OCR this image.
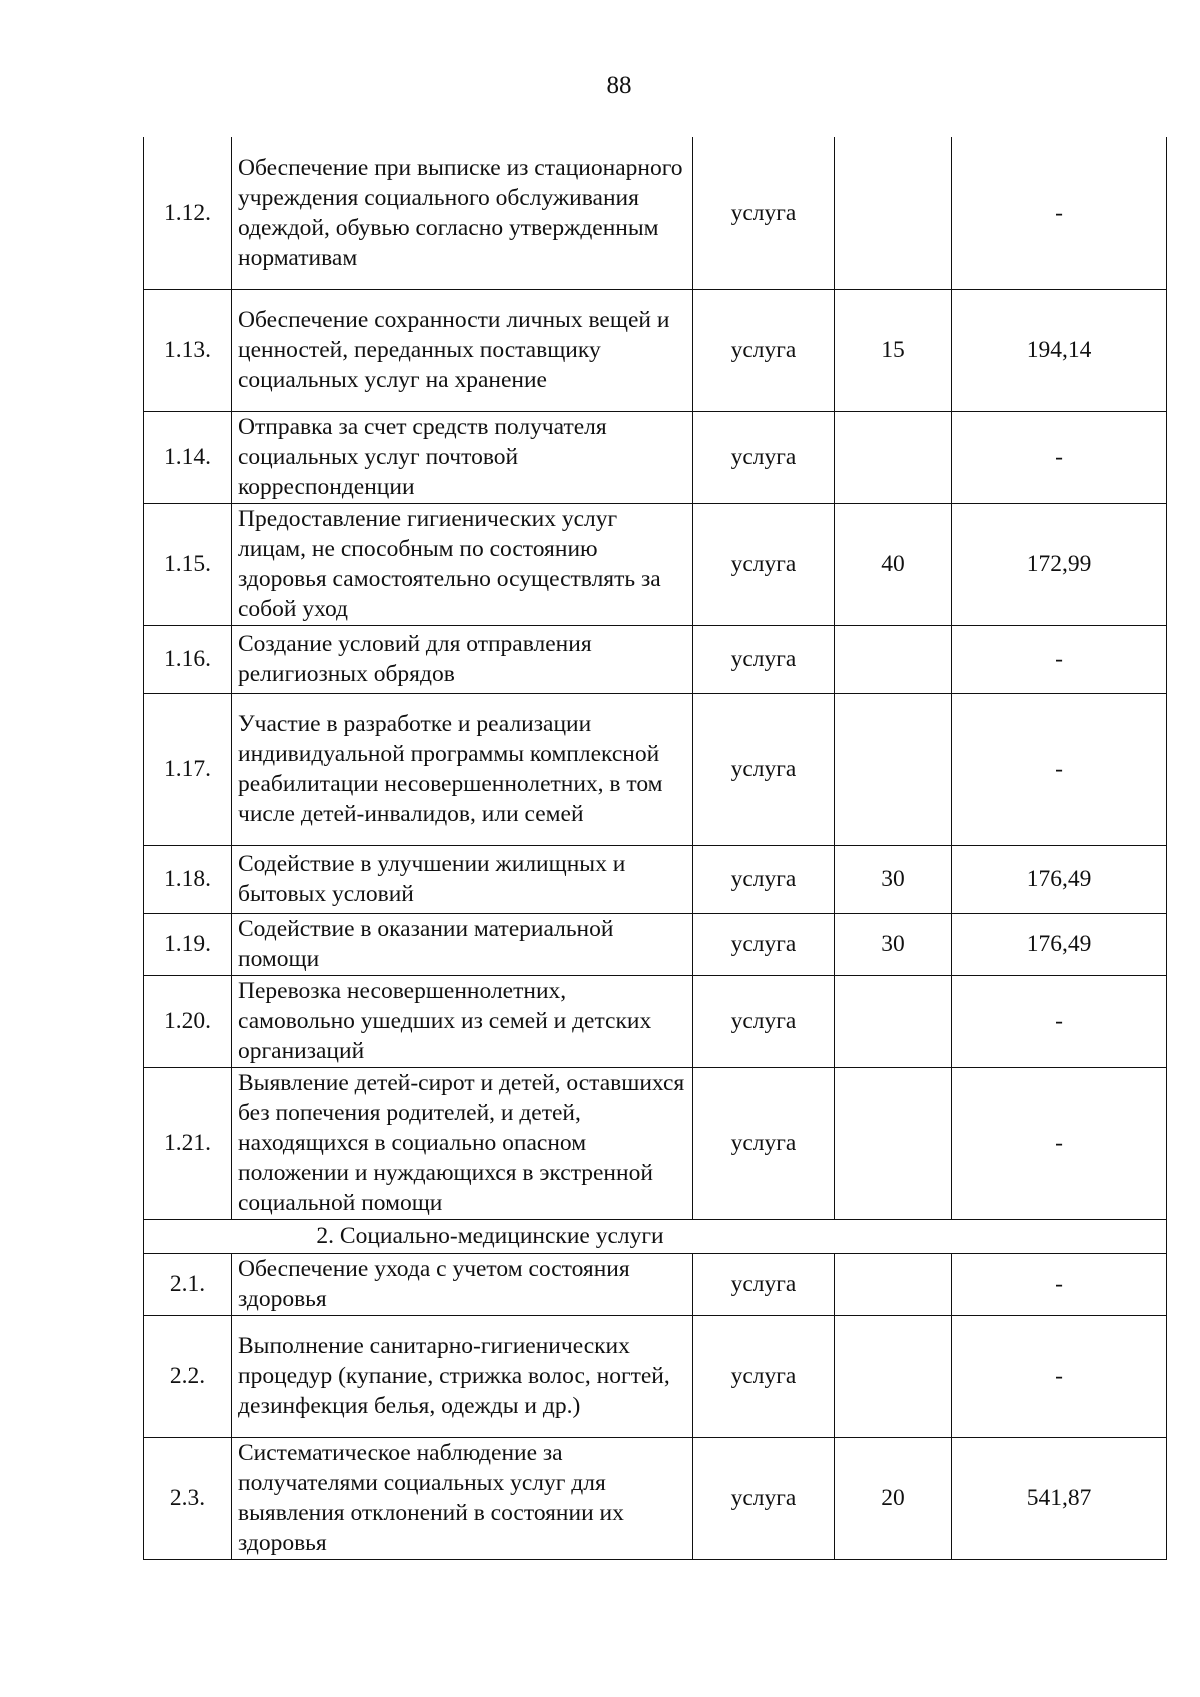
88
1.12.	Обеспечение при выписке из стационарного учреждения социального обслуживания одеждой, обувью согласно утвержденным нормативам	услуга		-
1.13.	Обеспечение сохранности личных вещей и ценностей, переданных поставщику социальных услуг на хранение	услуга	15	194,14
1.14.	Отправка за счет средств получателя социальных услуг почтовой корреспонденции	услуга		-
1.15.	Предоставление гигиенических услуг лицам, не способным по состоянию здоровья самостоятельно осуществлять за собой уход	услуга	40	172,99
1.16.	Создание условий для отправления религиозных обрядов	услуга		-
1.17.	Участие в разработке и реализации индивидуальной программы комплексной реабилитации несовершеннолетних, в том числе детей-инвалидов, или семей	услуга		-
1.18.	Содействие в улучшении жилищных и бытовых условий	услуга	30	176,49
1.19.	Содействие в оказании материальной помощи	услуга	30	176,49
1.20.	Перевозка несовершеннолетних, самовольно ушедших из семей и детских организаций	услуга		-
1.21.	Выявление детей-сирот и детей, оставшихся без попечения родителей, и детей, находящихся в социально опасном положении и нуждающихся в экстренной социальной помощи	услуга		-
2. Социально-медицинские услуги				
2.1.	Обеспечение ухода с учетом состояния здоровья	услуга		-
2.2.	Выполнение санитарно-гигиенических процедур (купание, стрижка волос, ногтей, дезинфекция белья, одежды и др.)	услуга		-
2.3.	Систематическое наблюдение за получателями социальных услуг для выявления отклонений в состоянии их здоровья	услуга	20	541,87
